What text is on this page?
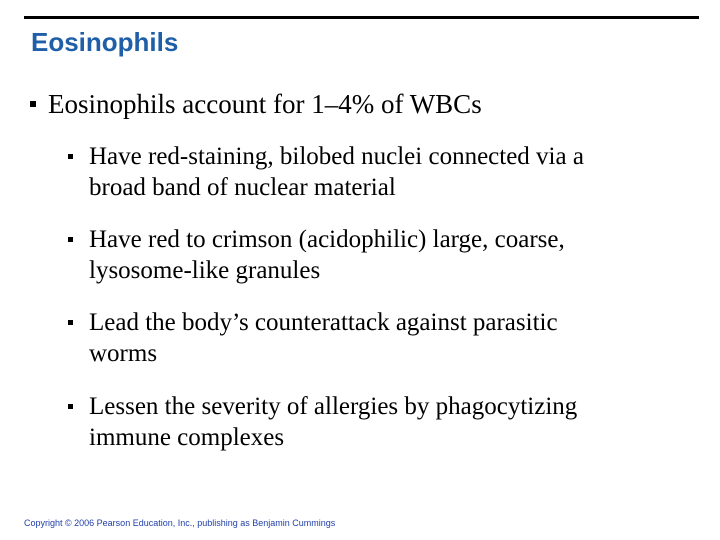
Eosinophils
Eosinophils account for 1–4% of WBCs
Have red-staining, bilobed nuclei connected via a
broad band of nuclear material
Have red to crimson (acidophilic) large, coarse,
lysosome-like granules
Lead the body’s counterattack against parasitic
worms
Lessen the severity of allergies by phagocytizing
immune complexes
Copyright © 2006 Pearson Education, Inc., publishing as Benjamin Cummings
